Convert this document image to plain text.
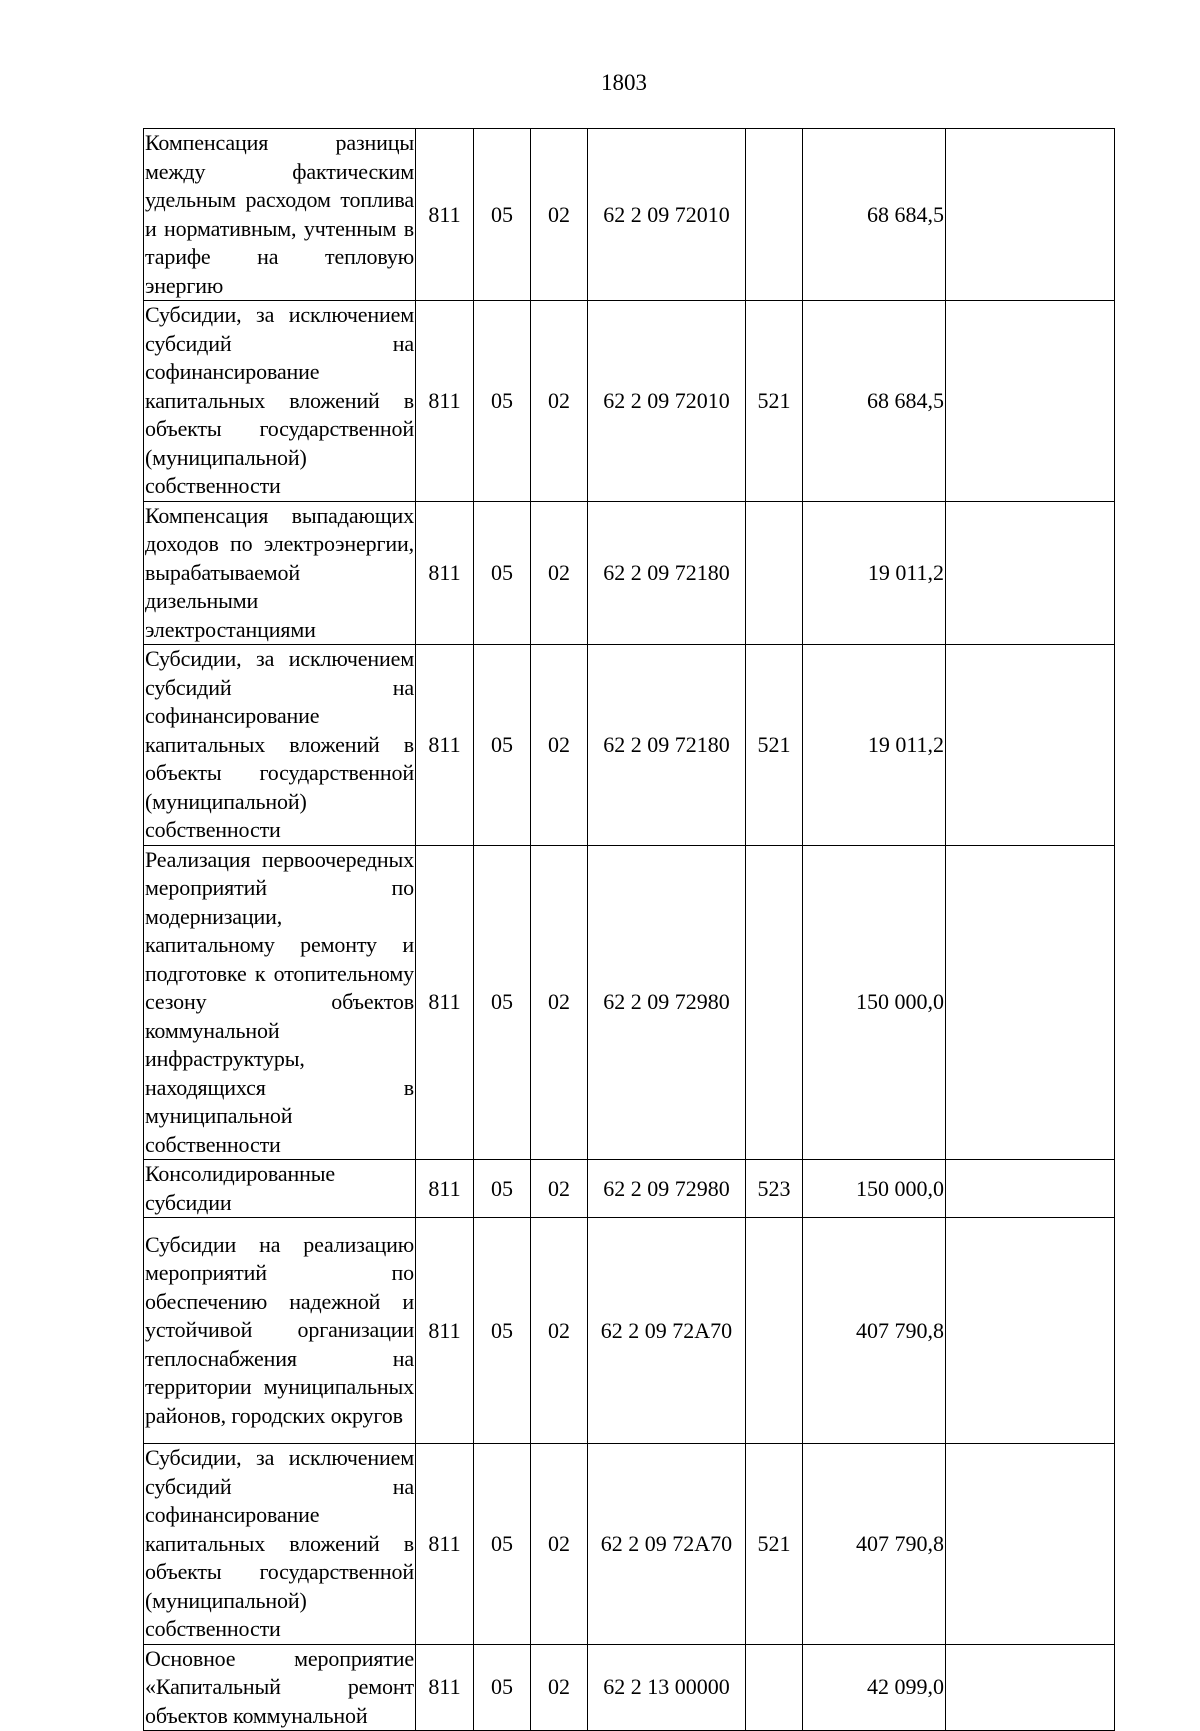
1803
Компенсация разницы между фактическим удельным расходом топлива и нормативным, учтенным в тарифе на тепловую энергию	811	05	02	62 2 09 72010		68 684,5	

Субсидии, за исключением субсидий на софинансирование капитальных вложений в объекты государственной (муниципальной) собственности	811	05	02	62 2 09 72010	521	68 684,5	

Компенсация выпадающих доходов по электроэнергии, вырабатываемой дизельными электростанциями	811	05	02	62 2 09 72180		19 011,2	

Субсидии, за исключением субсидий на софинансирование капитальных вложений в объекты государственной (муниципальной) собственности	811	05	02	62 2 09 72180	521	19 011,2	

Реализация первоочередных мероприятий по модернизации, капитальному ремонту и подготовке к отопительному сезону объектов коммунальной инфраструктуры, находящихся в муниципальной собственности	811	05	02	62 2 09 72980		150 000,0	

Консолидированные субсидии	811	05	02	62 2 09 72980	523	150 000,0	

Субсидии на реализацию мероприятий по обеспечению надежной и устойчивой организации теплоснабжения на территории муниципальных районов, городских округов	811	05	02	62 2 09 72А70		407 790,8	

Субсидии, за исключением субсидий на софинансирование капитальных вложений в объекты государственной (муниципальной) собственности	811	05	02	62 2 09 72А70	521	407 790,8	

Основное мероприятие «Капитальный ремонт объектов коммунальной	811	05	02	62 2 13 00000		42 099,0	
